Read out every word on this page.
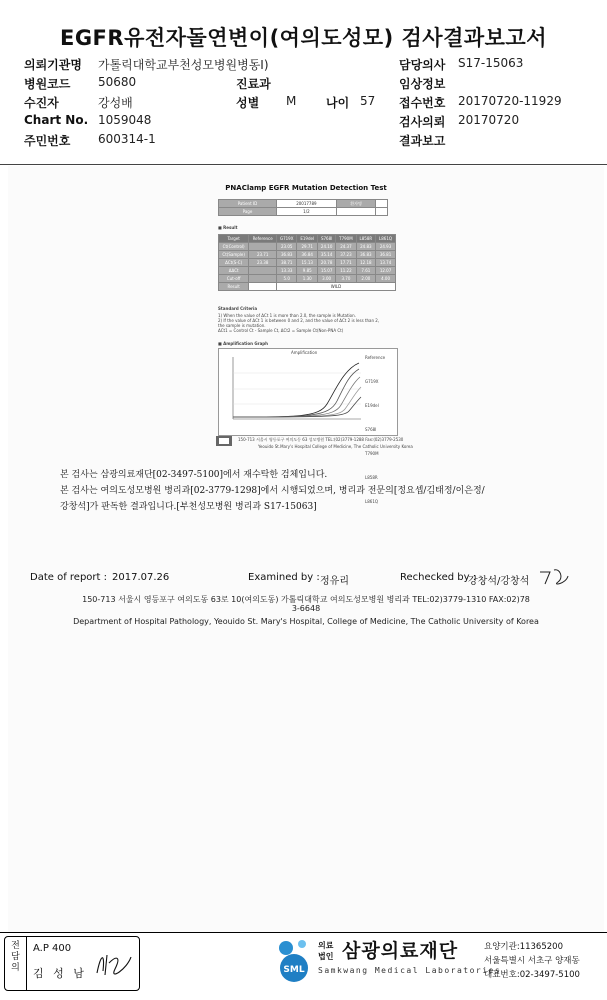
EGFR유전자돌연변이(여의도성모) 검사결과보고서
의뢰기관명 가톨릭대학교부천성모병원병동I)	담당의사 S17-15063
병원코드 50680	진료과	임상정보
수진자	강성배	성별 M 나이 57 접수번호 20170720-11929
Chart No. 1059048	검사의뢰 20170720
주민번호 600314-1	결과보고
PNAClamp EGFR Mutation Detection Test
Patient ID	20017789	환자명	
Page	1/2		
■ Result
Target	Reference	G719X	E19del	S768I	T790M	L858R	L861Q
Ct(Control)		23.05	29.71	24.10	24.37	24.83	24.93
Ct(Sample)	23.71	36.83	36.84	35.14	37.23	36.83	36.81
ΔCt(S-C)	23.38	38.71	15.13	20.78	17.71	12.18	13.74
ΔΔCt		13.33	9.85	15.07	11.22	7.61	12.07
Cut-off		5.0	1.30	3.00	3.70	2.00	4.00
Result		WILD					
Standard Criteria
1) When the value of ΔCt 1 is more than 2.0, the sample is Mutation.
2) If the value of ΔCt 1 is between 0 and 2, and the value of ΔCt 2 is less than 2,
the sample is mutation.
ΔCt1 = Control Ct - Sample Ct, ΔCt2 = Sample Ct(Non-PNA Ct)
■ Amplification Graph
Amplification
Reference

G719X

E19del

S768I

T790M

L858R

L861Q
150-713 서울시 영등포구 여의도동 63 성모병원 TEL:(02)3779-1288 Fax:(02)3779-2530
Yeouido St.Mary's Hospital College of Medicine, The Catholic University Korea
본 검사는 삼광의료재단[02-3497-5100]에서 재수탁한 검체입니다.
본 검사는 여의도성모병원 병리과[02-3779-1298]에서 시행되었으며, 병리과 전문의[정요셉/김태정/이은정/
강창석]가 판독한 결과입니다.[부천성모병원 병리과 S17-15063]
Date of report : 2017.07.26	Examined by : 정유리	Rechecked by :
강창석/강창석
150-713 서울시 영등포구 여의도동 63로 10(여의도동) 가톨릭대학교 여의도성모병원 병리과 TEL:02)3779-1310 FAX:02)78
3-6648
Department of Hospital Pathology, Yeouido St. Mary's Hospital, College of Medicine, The Catholic University of Korea
전
담
의
A.P 400
김 성 남	SML
의료
법인 삼광의료재단
Samkwang Medical Laboratories
요양기관:11365200
서울특별시 서초구 양재동
대표번호:02-3497-5100
